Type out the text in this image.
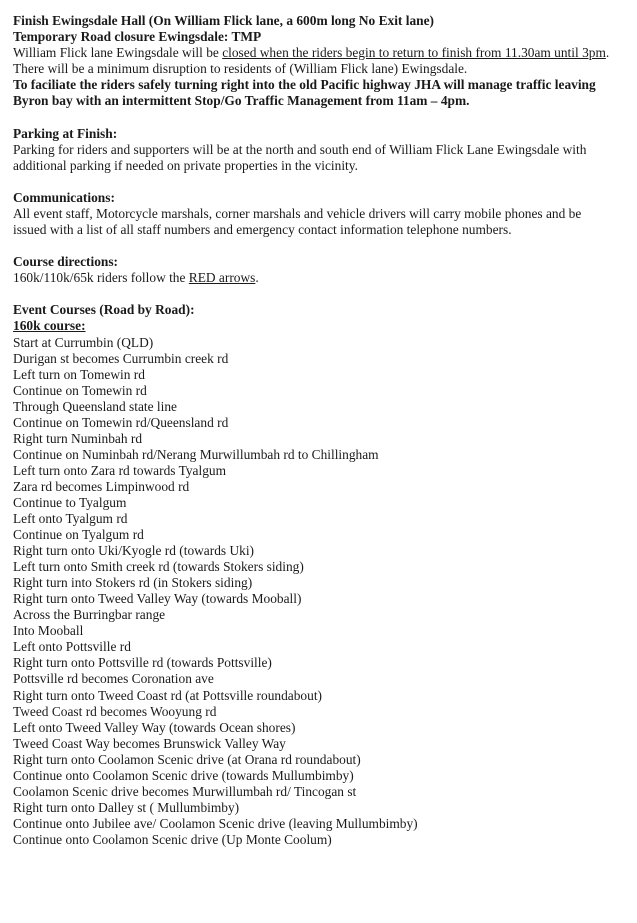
Finish Ewingsdale Hall (On William Flick lane, a 600m long No Exit lane)
Temporary Road closure Ewingsdale: TMP
William Flick lane Ewingsdale will be closed when the riders begin to return to finish from 11.30am until 3pm.
There will be a minimum disruption to residents of (William Flick lane) Ewingsdale.
To faciliate the riders safely turning right into the old Pacific highway JHA will manage traffic leaving
Byron bay with an intermittent Stop/Go Traffic Management from 11am – 4pm.
Parking at Finish:
Parking for riders and supporters will be at the north and south end of William Flick Lane Ewingsdale with
additional parking if needed on private properties in the vicinity.
Communications:
All event staff, Motorcycle marshals, corner marshals and vehicle drivers will carry mobile phones and be
issued with a list of all staff numbers and emergency contact information telephone numbers.
Course directions:
160k/110k/65k riders follow the RED arrows.
Event Courses (Road by Road):
160k course:
Start at Currumbin (QLD)
Durigan st becomes Currumbin creek rd
Left turn on Tomewin rd
Continue on Tomewin rd
Through Queensland state line
Continue on Tomewin rd/Queensland rd
Right turn Numinbah rd
Continue on Numinbah rd/Nerang Murwillumbah rd to Chillingham
Left turn onto Zara rd towards Tyalgum
Zara rd becomes Limpinwood rd
Continue to Tyalgum
Left onto Tyalgum rd
Continue on Tyalgum rd
Right turn onto Uki/Kyogle rd (towards Uki)
Left turn onto Smith creek rd (towards Stokers siding)
Right turn into Stokers rd (in Stokers siding)
Right turn onto Tweed Valley Way (towards Mooball)
Across the Burringbar range
Into Mooball
Left onto Pottsville rd
Right turn onto Pottsville rd (towards Pottsville)
Pottsville rd becomes Coronation ave
Right turn onto Tweed Coast rd (at Pottsville roundabout)
Tweed Coast rd becomes Wooyung rd
Left onto Tweed Valley Way (towards Ocean shores)
Tweed Coast Way becomes Brunswick Valley Way
Right turn onto Coolamon Scenic drive (at Orana rd roundabout)
Continue onto Coolamon Scenic drive (towards Mullumbimby)
Coolamon Scenic drive becomes Murwillumbah rd/ Tincogan st
Right turn onto Dalley st ( Mullumbimby)
Continue onto Jubilee ave/ Coolamon Scenic drive (leaving Mullumbimby)
Continue onto Coolamon Scenic drive (Up Monte Coolum)
